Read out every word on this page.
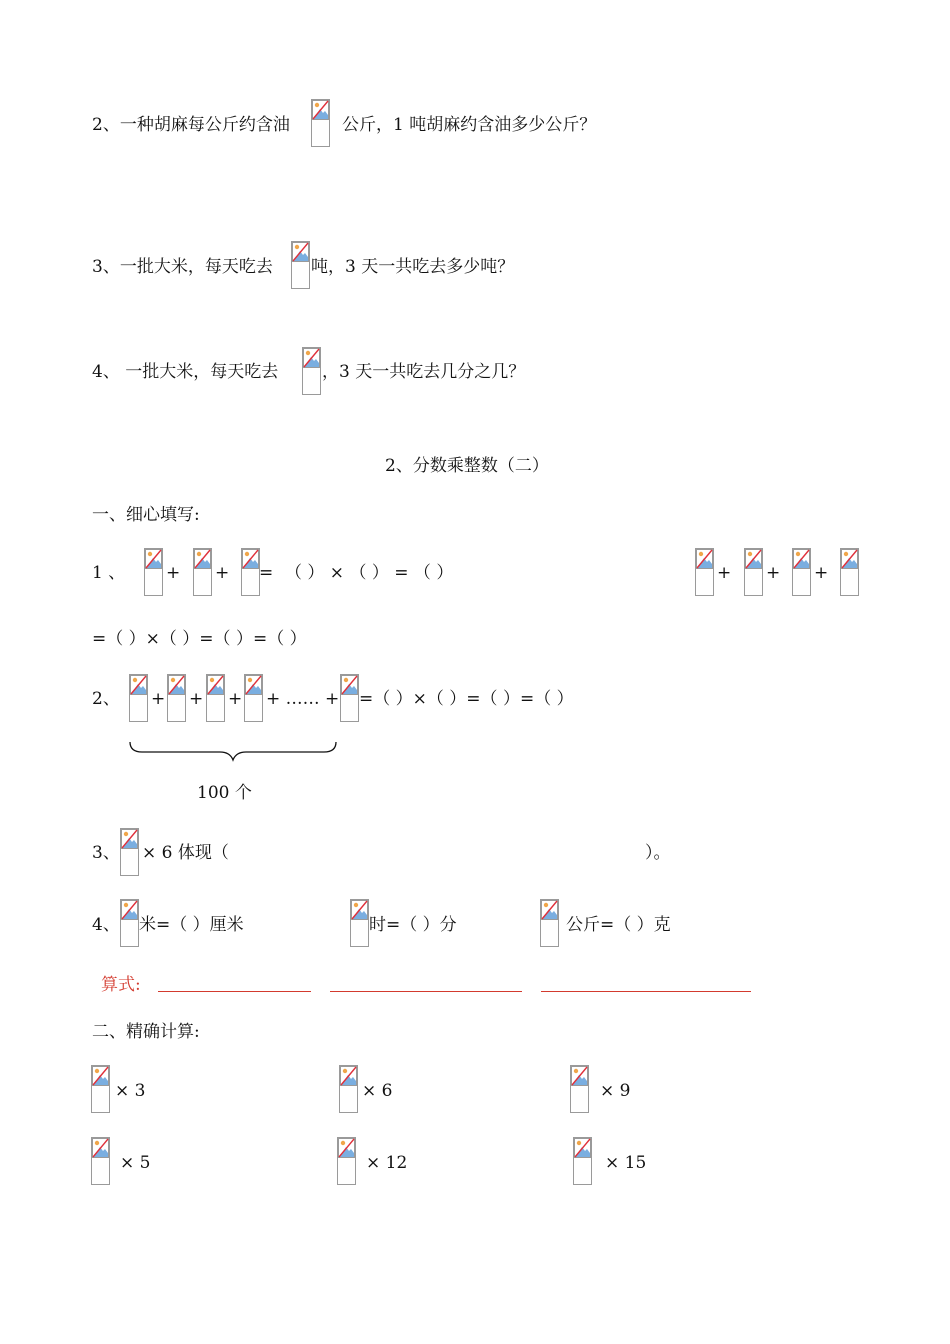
2、一种胡麻每公斤约含油	公斤，1 吨胡麻约含油多少公斤？
3、一批大米，每天吃去 吨，3 天一共吃去多少吨？
4、 一批大米，每天吃去	，3 天一共吃去几分之几？
2、分数乘整数（二）
一、细心填写:
1 、 + + = （ ） × （ ） = （ ）	+ + +
=（ ）×（ ）=（ ）=（ ）
2、 + + + + …… + =（ ）×（ ）=（ ）=（ ）
100 个
3、 × 6 体现（	）。
4、 米=（ ）厘米	时=（ ）分	公斤=（ ）克
算式:
二、精确计算:
× 3	× 6	× 9
× 5	× 12	× 15
